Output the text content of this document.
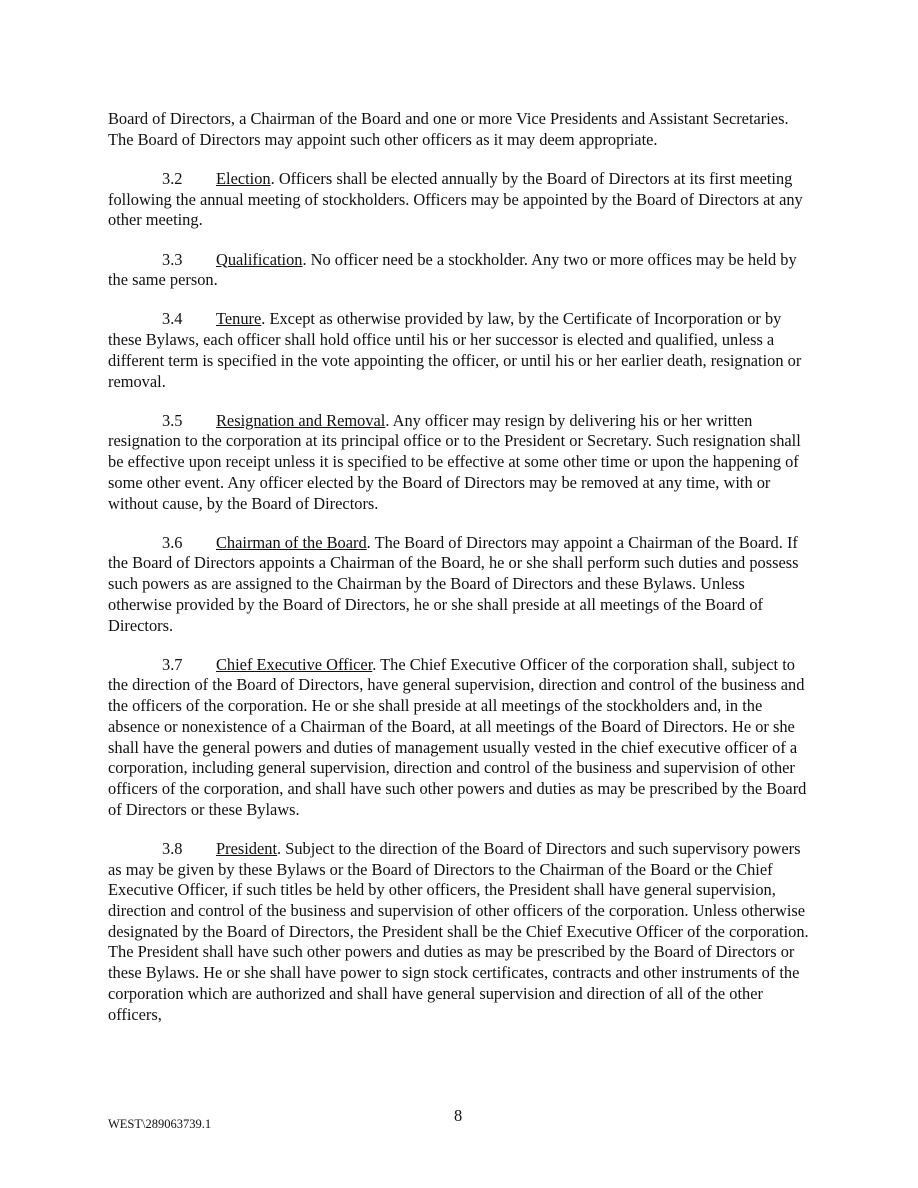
Board of Directors, a Chairman of the Board and one or more Vice Presidents and Assistant Secretaries. The Board of Directors may appoint such other officers as it may deem appropriate.

3.2 Election. Officers shall be elected annually by the Board of Directors at its first meeting following the annual meeting of stockholders. Officers may be appointed by the Board of Directors at any other meeting.

3.3 Qualification. No officer need be a stockholder. Any two or more offices may be held by the same person.

3.4 Tenure. Except as otherwise provided by law, by the Certificate of Incorporation or by these Bylaws, each officer shall hold office until his or her successor is elected and qualified, unless a different term is specified in the vote appointing the officer, or until his or her earlier death, resignation or removal.

3.5 Resignation and Removal. Any officer may resign by delivering his or her written resignation to the corporation at its principal office or to the President or Secretary. Such resignation shall be effective upon receipt unless it is specified to be effective at some other time or upon the happening of some other event. Any officer elected by the Board of Directors may be removed at any time, with or without cause, by the Board of Directors.

3.6 Chairman of the Board. The Board of Directors may appoint a Chairman of the Board. If the Board of Directors appoints a Chairman of the Board, he or she shall perform such duties and possess such powers as are assigned to the Chairman by the Board of Directors and these Bylaws. Unless otherwise provided by the Board of Directors, he or she shall preside at all meetings of the Board of Directors.

3.7 Chief Executive Officer. The Chief Executive Officer of the corporation shall, subject to the direction of the Board of Directors, have general supervision, direction and control of the business and the officers of the corporation. He or she shall preside at all meetings of the stockholders and, in the absence or nonexistence of a Chairman of the Board, at all meetings of the Board of Directors. He or she shall have the general powers and duties of management usually vested in the chief executive officer of a corporation, including general supervision, direction and control of the business and supervision of other officers of the corporation, and shall have such other powers and duties as may be prescribed by the Board of Directors or these Bylaws.

3.8 President. Subject to the direction of the Board of Directors and such supervisory powers as may be given by these Bylaws or the Board of Directors to the Chairman of the Board or the Chief Executive Officer, if such titles be held by other officers, the President shall have general supervision, direction and control of the business and supervision of other officers of the corporation. Unless otherwise designated by the Board of Directors, the President shall be the Chief Executive Officer of the corporation. The President shall have such other powers and duties as may be prescribed by the Board of Directors or these Bylaws. He or she shall have power to sign stock certificates, contracts and other instruments of the corporation which are authorized and shall have general supervision and direction of all of the other officers,

8
WEST\289063739.1
